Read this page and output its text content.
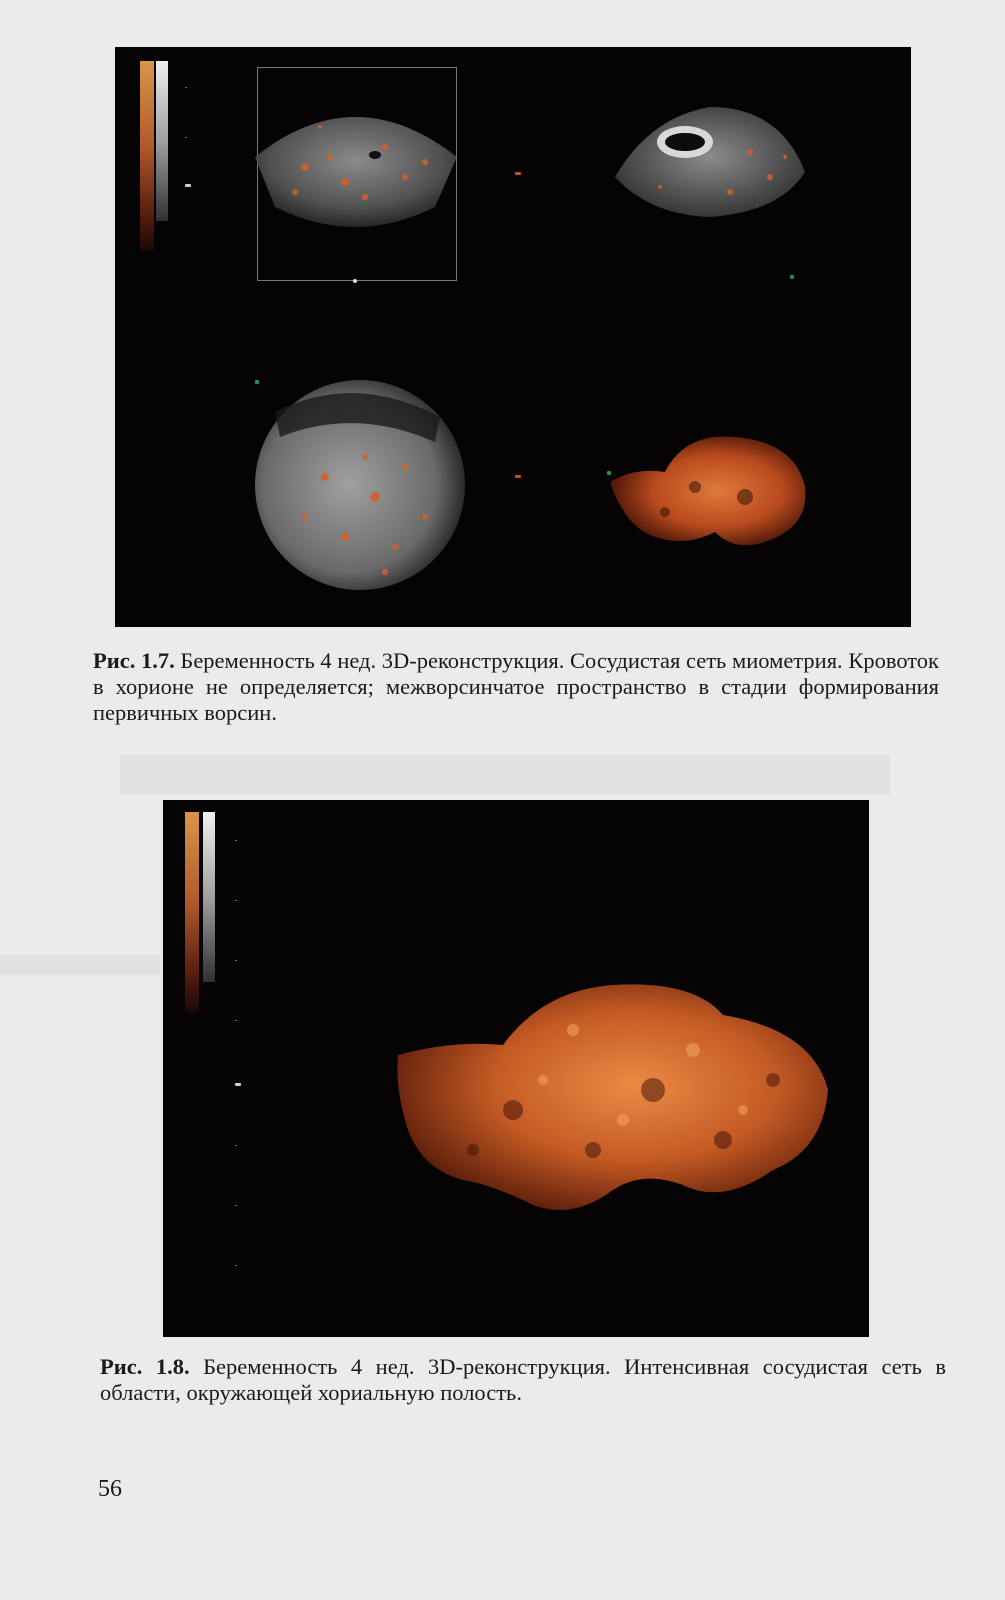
Рис. 1.7. Беременность 4 нед. 3D-реконструкция. Сосудистая сеть миометрия. Кровоток в хорионе не определяется; межворсинчатое пространство в стадии формирования первичных ворсин.
Рис. 1.8. Беременность 4 нед. 3D-реконструкция. Интенсивная сосудистая сеть в области, окружающей хориальную полость.
56
